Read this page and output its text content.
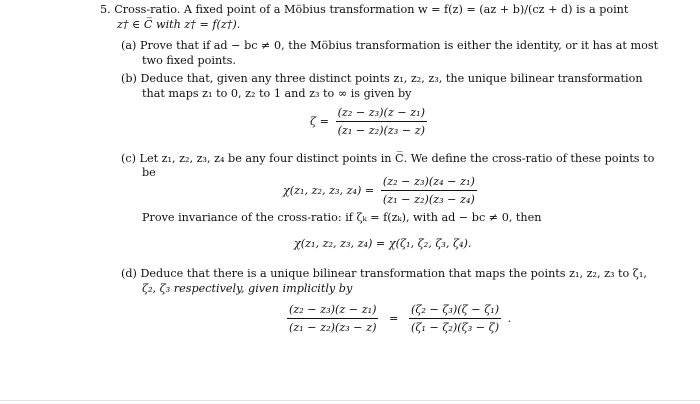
5. Cross-ratio. A fixed point of a Möbius transformation w = f(z) = (az + b)/(cz + d) is a point
z† ∈ C̅ with z† = f(z†).
(a) Prove that if ad − bc ≠ 0, the Möbius transformation is either the identity, or it has at most
two fixed points.
(b) Deduce that, given any three distinct points z₁, z₂, z₃, the unique bilinear transformation
that maps z₁ to 0, z₂ to 1 and z₃ to ∞ is given by
$\zeta = \frac{\text{(z₂ − z₃)(z − z₁)}}{\text{(z₁ − z₂)(z₃ − z)}}$
(c) Let z₁, z₂, z₃, z₄ be any four distinct points in C̅. We define the cross-ratio of these points to
be
χ(z₁, z₂, z₃, $z_4) = \frac{\text{(z₂ − z₃)(z₄ − z₁)}}{\text{(z₁ − z₂)(z₃ − z₄)}}$
Prove invariance of the cross-ratio: if ζₖ = f(zₖ), with ad − bc ≠ 0, then
χ(z₁, z₂, z₃, z₄) = χ(ζ₁, ζ₂, ζ₃, ζ₄).
(d) Deduce that there is a unique bilinear transformation that maps the points z₁, z₂, z₃ to ζ₁,
ζ₂, ζ₃ respectively, given implicitly by
$\frac{\text{(z₂ − z₃)(z − z₁)}}{\text{(z₁ − z₂)(z₃ − z)}} = \frac{\text{(ζ₂ − ζ₃)(ζ − ζ₁)}}{\text{(ζ₁ − ζ₂)(ζ₃ − ζ)}}$ .
